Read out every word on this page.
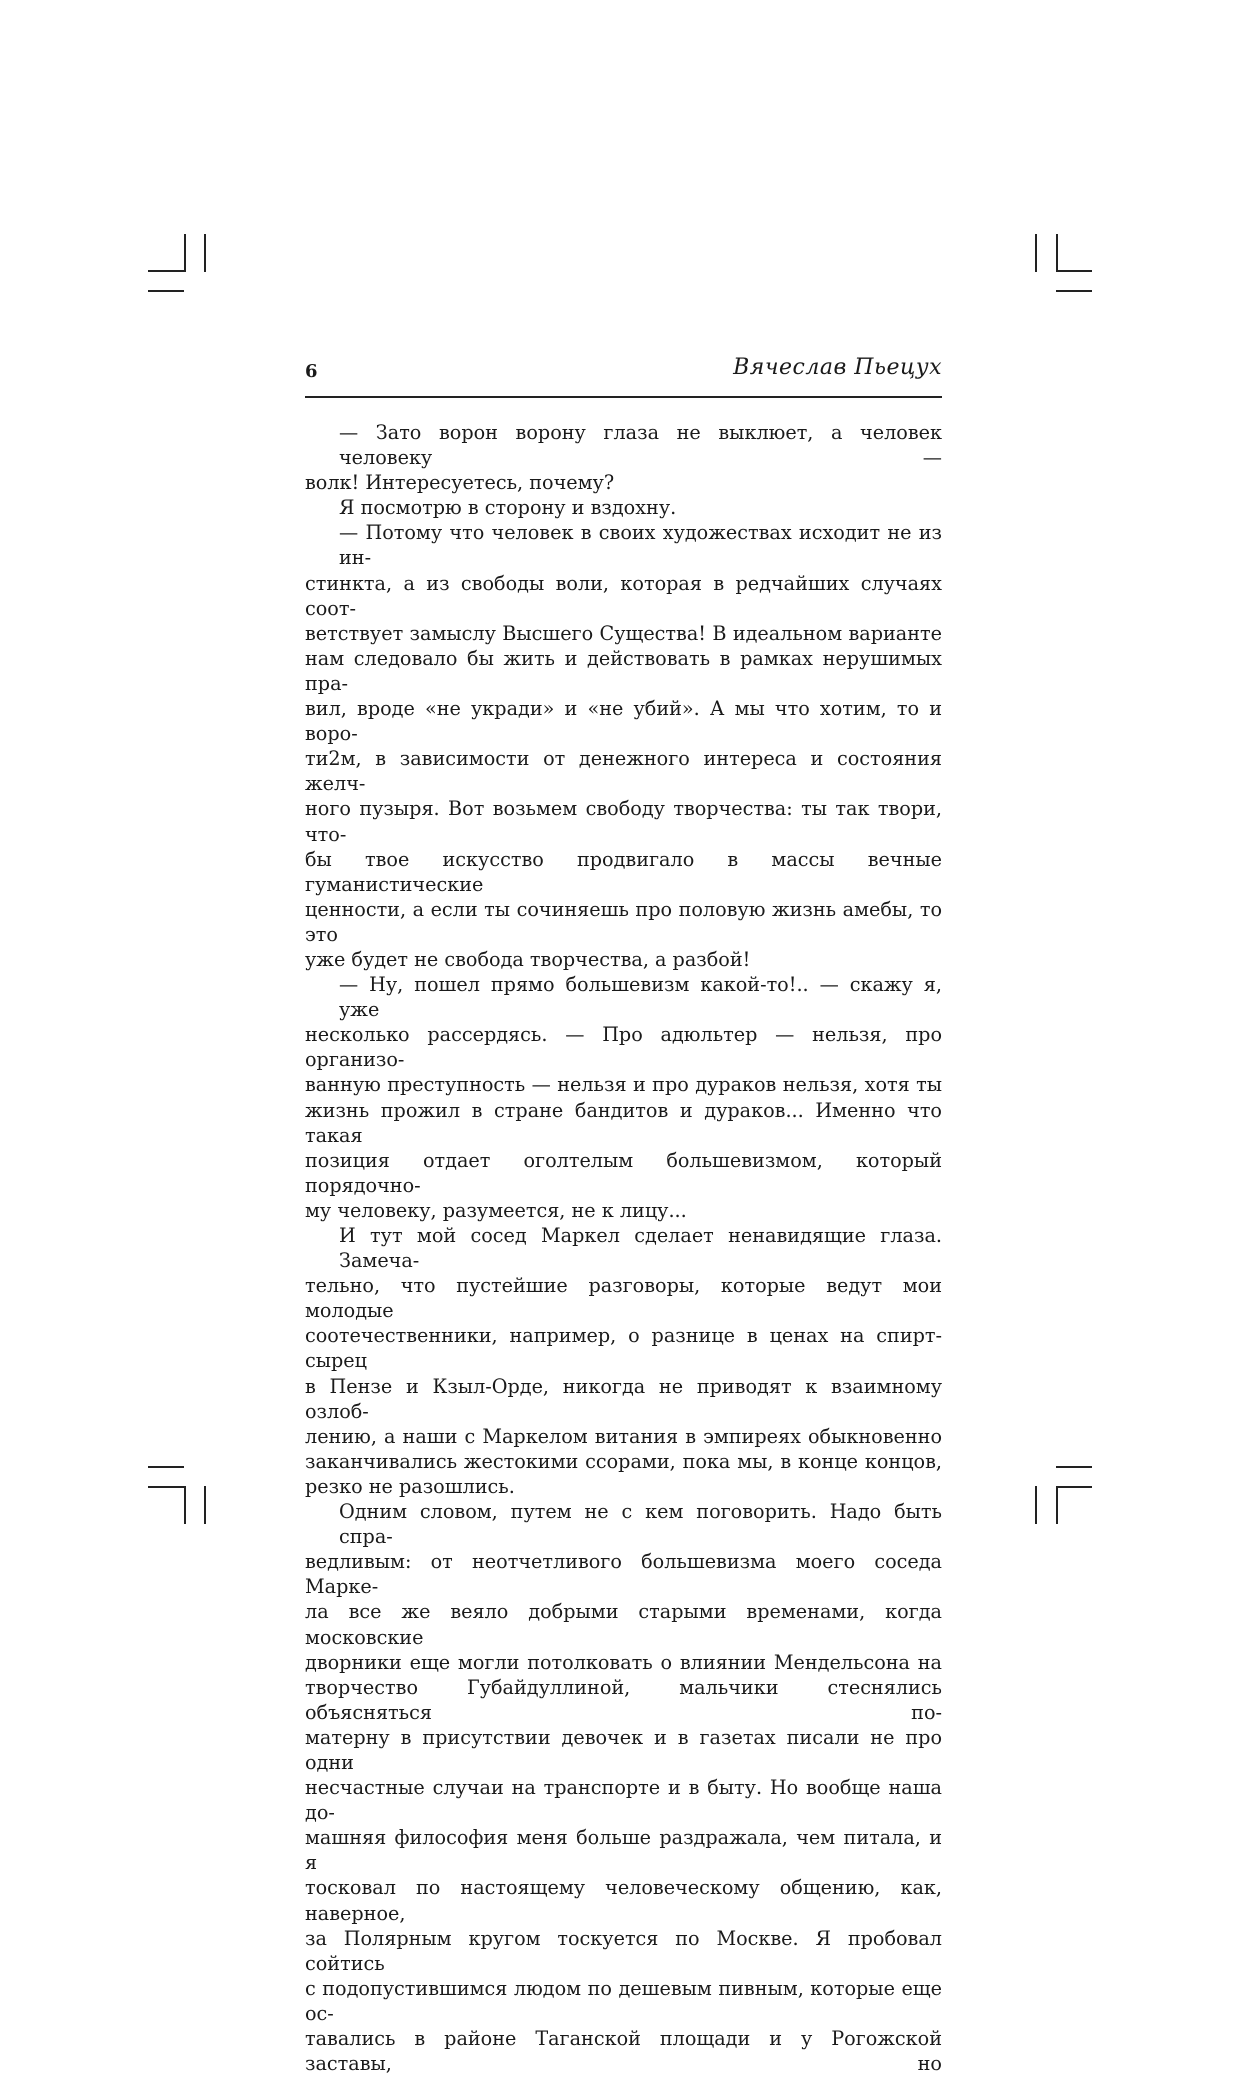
6	Вячеслав Пьецух
— Зато ворон ворону глаза не выклюет, а человек человеку —
волк! Интересуетесь, почему?
Я посмотрю в сторону и вздохну.
— Потому что человек в своих художествах исходит не из ин-
стинкта, а из свободы воли, которая в редчайших случаях соот-
ветствует замыслу Высшего Существа! В идеальном варианте
нам следовало бы жить и действовать в рамках нерушимых пра-
вил, вроде «не укради» и «не убий». А мы что хотим, то и воро-
ти2м, в зависимости от денежного интереса и состояния желч-
ного пузыря. Вот возьмем свободу творчества: ты так твори, что-
бы твое искусство продвигало в массы вечные гуманистические
ценности, а если ты сочиняешь про половую жизнь амебы, то это
уже будет не свобода творчества, а разбой!
— Ну, пошел прямо большевизм какой-то!.. — скажу я, уже
несколько рассердясь. — Про адюльтер — нельзя, про организо-
ванную преступность — нельзя и про дураков нельзя, хотя ты
жизнь прожил в стране бандитов и дураков... Именно что такая
позиция отдает оголтелым большевизмом, который порядочно-
му человеку, разумеется, не к лицу...
И тут мой сосед Маркел сделает ненавидящие глаза. Замеча-
тельно, что пустейшие разговоры, которые ведут мои молодые
соотечественники, например, о разнице в ценах на спирт-сырец
в Пензе и Кзыл-Орде, никогда не приводят к взаимному озлоб-
лению, а наши с Маркелом витания в эмпиреях обыкновенно
заканчивались жестокими ссорами, пока мы, в конце концов,
резко не разошлись.
Одним словом, путем не с кем поговорить. Надо быть спра-
ведливым: от неотчетливого большевизма моего соседа Марке-
ла все же веяло добрыми старыми временами, когда московские
дворники еще могли потолковать о влиянии Мендельсона на
творчество Губайдуллиной, мальчики стеснялись объясняться по-
матерну в присутствии девочек и в газетах писали не про одни
несчастные случаи на транспорте и в быту. Но вообще наша до-
машняя философия меня больше раздражала, чем питала, и я
тосковал по настоящему человеческому общению, как, наверное,
за Полярным кругом тоскуется по Москве. Я пробовал сойтись
с подопустившимся людом по дешевым пивным, которые еще ос-
тавались в районе Таганской площади и у Рогожской заставы, но
